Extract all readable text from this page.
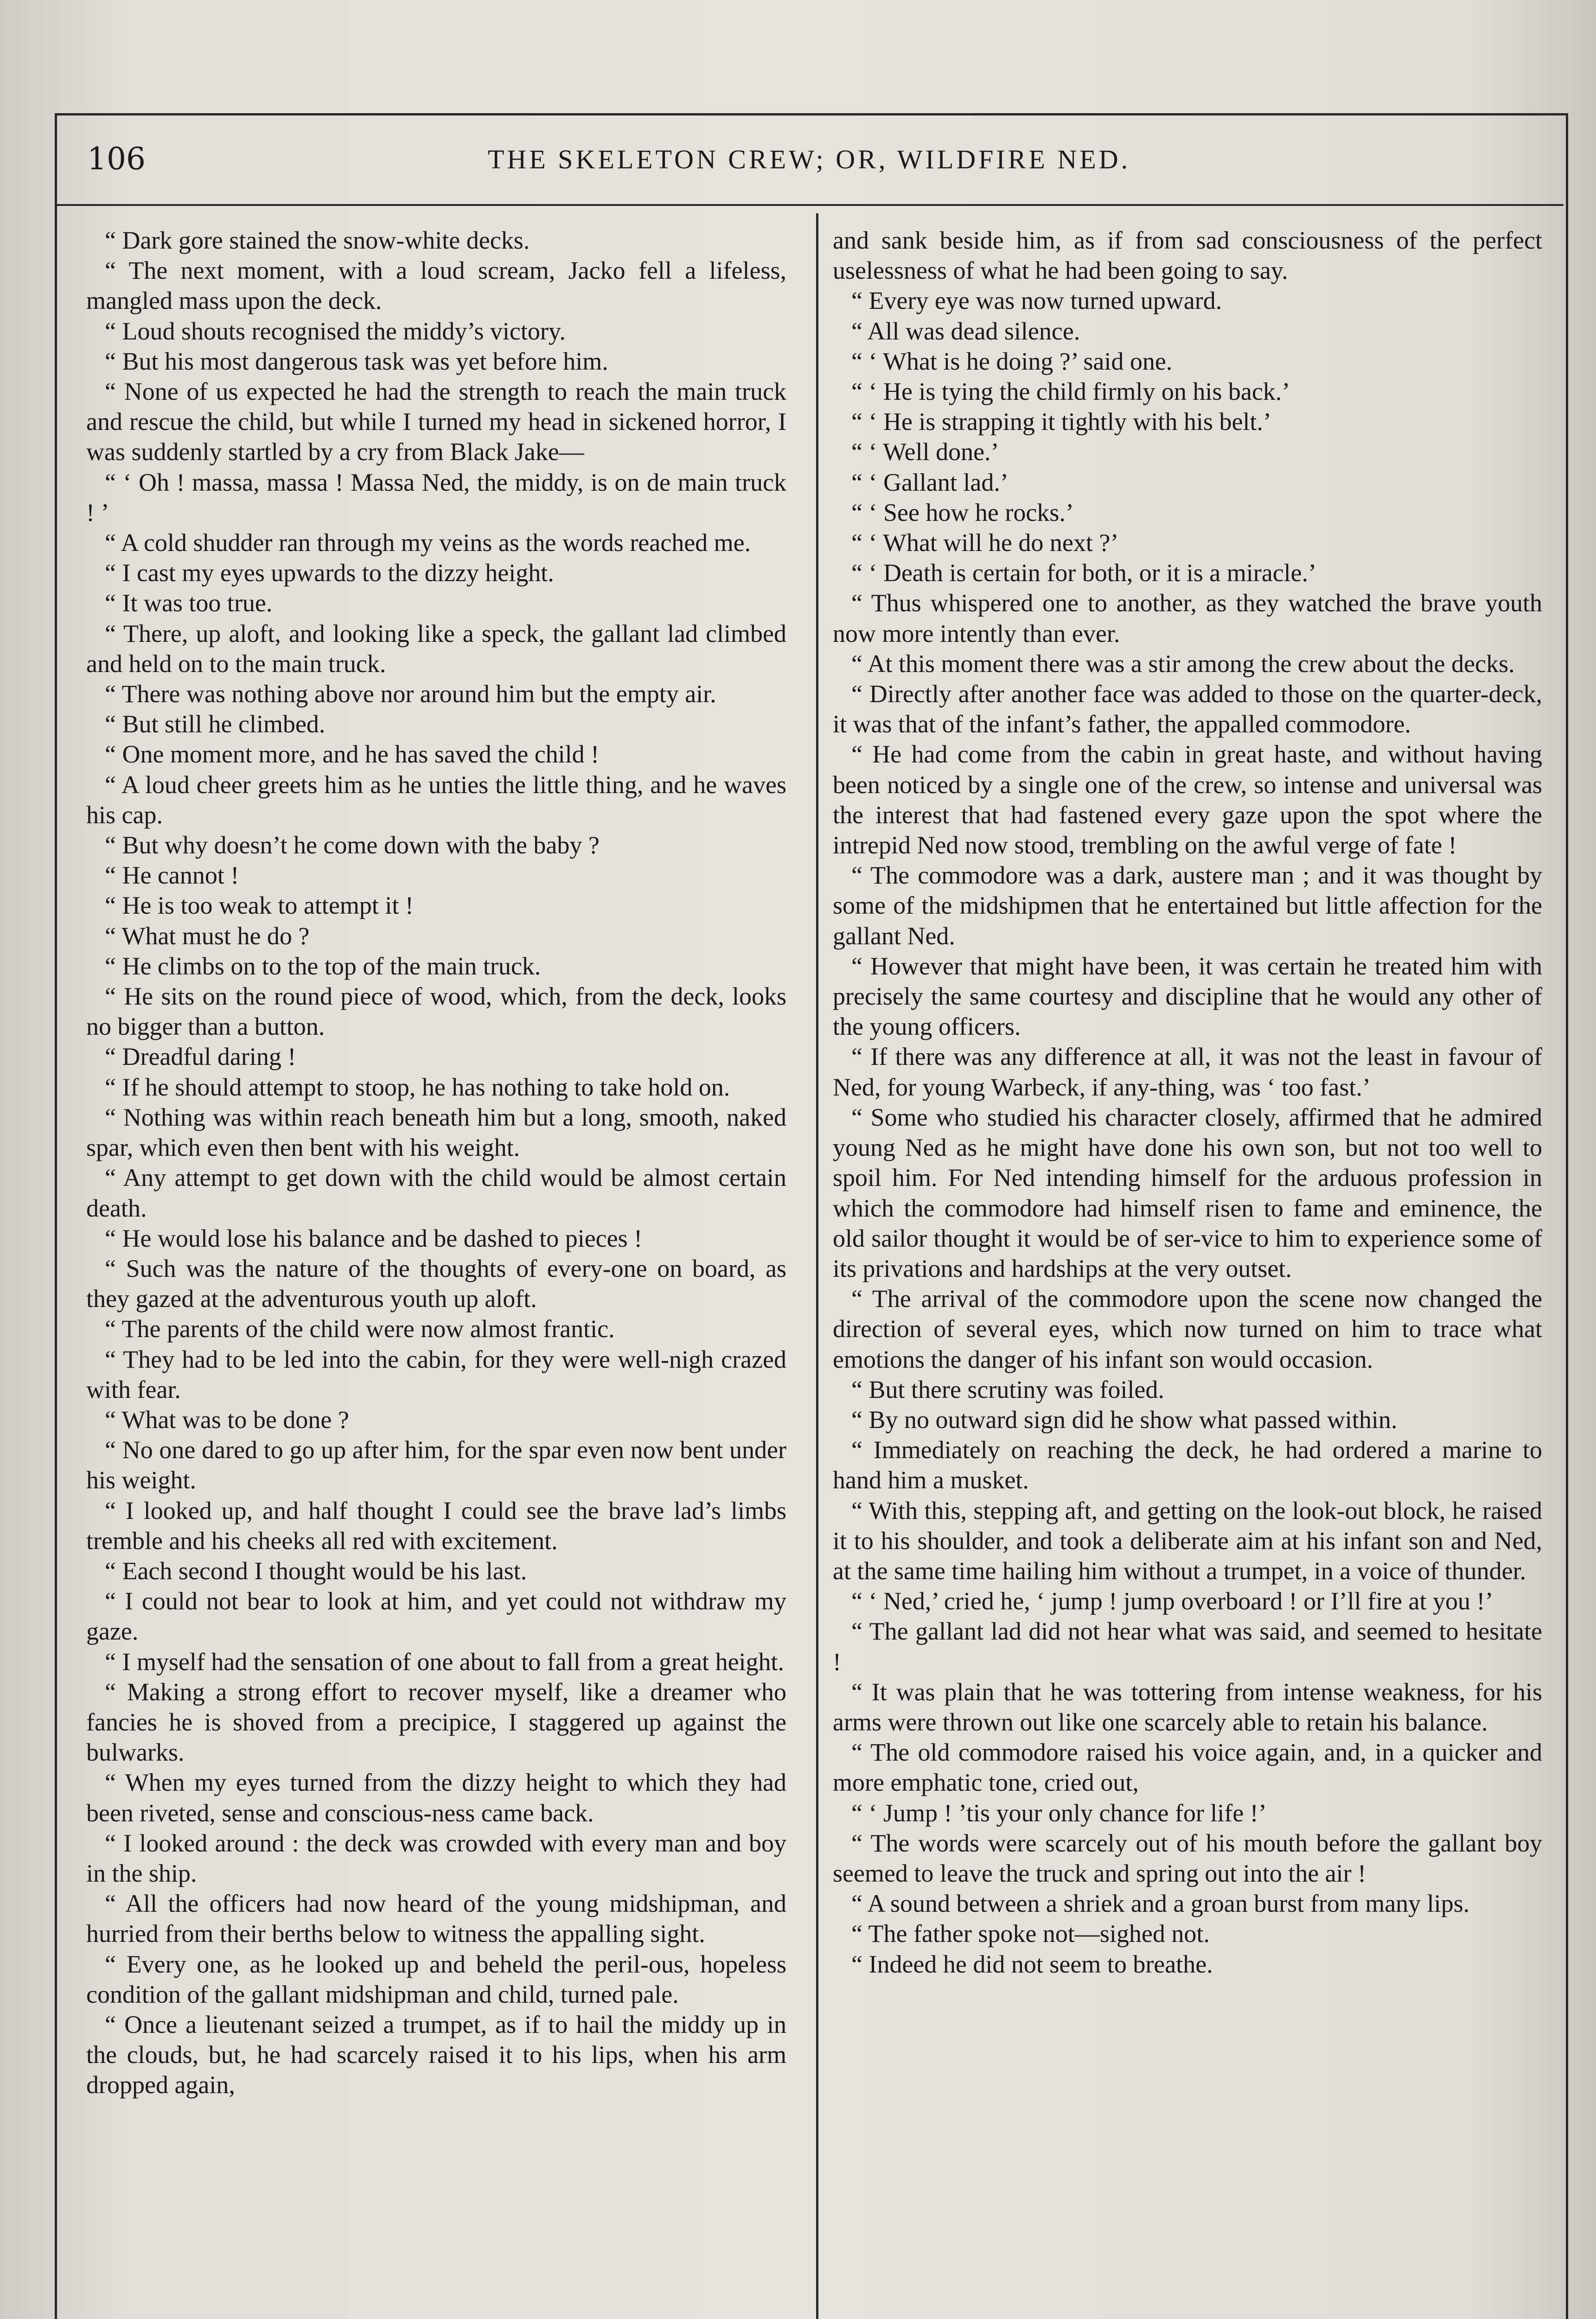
106	THE SKELETON CREW; OR, WILDFIRE NED.

“ Dark gore stained the snow-white decks.

“ The next moment, with a loud scream, Jacko fell a lifeless, mangled mass upon the deck.

“ Loud shouts recognised the middy’s victory.

“ But his most dangerous task was yet before him.

“ None of us expected he had the strength to reach the main truck and rescue the child, but while I turned my head in sickened horror, I was suddenly startled by a cry from Black Jake—

“ ‘ Oh ! massa, massa ! Massa Ned, the middy, is on de main truck ! ’

“ A cold shudder ran through my veins as the words reached me.

“ I cast my eyes upwards to the dizzy height.

“ It was too true.

“ There, up aloft, and looking like a speck, the gallant lad climbed and held on to the main truck.

“ There was nothing above nor around him but the empty air.

“ But still he climbed.

“ One moment more, and he has saved the child !

“ A loud cheer greets him as he unties the little thing, and he waves his cap.

“ But why doesn’t he come down with the baby ?

“ He cannot !

“ He is too weak to attempt it !

“ What must he do ?

“ He climbs on to the top of the main truck.

“ He sits on the round piece of wood, which, from the deck, looks no bigger than a button.

“ Dreadful daring !

“ If he should attempt to stoop, he has nothing to take hold on.

“ Nothing was within reach beneath him but a long, smooth, naked spar, which even then bent with his weight.

“ Any attempt to get down with the child would be almost certain death.

“ He would lose his balance and be dashed to pieces !

“ Such was the nature of the thoughts of every-one on board, as they gazed at the adventurous youth up aloft.

“ The parents of the child were now almost frantic.

“ They had to be led into the cabin, for they were well-nigh crazed with fear.

“ What was to be done ?

“ No one dared to go up after him, for the spar even now bent under his weight.

“ I looked up, and half thought I could see the brave lad’s limbs tremble and his cheeks all red with excitement.

“ Each second I thought would be his last.

“ I could not bear to look at him, and yet could not withdraw my gaze.

“ I myself had the sensation of one about to fall from a great height.

“ Making a strong effort to recover myself, like a dreamer who fancies he is shoved from a precipice, I staggered up against the bulwarks.

“ When my eyes turned from the dizzy height to which they had been riveted, sense and conscious-ness came back.

“ I looked around : the deck was crowded with every man and boy in the ship.

“ All the officers had now heard of the young midshipman, and hurried from their berths below to witness the appalling sight.

“ Every one, as he looked up and beheld the peril-ous, hopeless condition of the gallant midshipman and child, turned pale.

“ Once a lieutenant seized a trumpet, as if to hail the middy up in the clouds, but, he had scarcely raised it to his lips, when his arm dropped again,

and sank beside him, as if from sad consciousness of the perfect uselessness of what he had been going to say.

“ Every eye was now turned upward.

“ All was dead silence.

“ ‘ What is he doing ?’ said one.

“ ‘ He is tying the child firmly on his back.’

“ ‘ He is strapping it tightly with his belt.’

“ ‘ Well done.’

“ ‘ Gallant lad.’

“ ‘ See how he rocks.’

“ ‘ What will he do next ?’

“ ‘ Death is certain for both, or it is a miracle.’

“ Thus whispered one to another, as they watched the brave youth now more intently than ever.

“ At this moment there was a stir among the crew about the decks.

“ Directly after another face was added to those on the quarter-deck, it was that of the infant’s father, the appalled commodore.

“ He had come from the cabin in great haste, and without having been noticed by a single one of the crew, so intense and universal was the interest that had fastened every gaze upon the spot where the intrepid Ned now stood, trembling on the awful verge of fate !

“ The commodore was a dark, austere man ; and it was thought by some of the midshipmen that he entertained but little affection for the gallant Ned.

“ However that might have been, it was certain he treated him with precisely the same courtesy and discipline that he would any other of the young officers.

“ If there was any difference at all, it was not the least in favour of Ned, for young Warbeck, if any-thing, was ‘ too fast.’

“ Some who studied his character closely, affirmed that he admired young Ned as he might have done his own son, but not too well to spoil him. For Ned intending himself for the arduous profession in which the commodore had himself risen to fame and eminence, the old sailor thought it would be of ser-vice to him to experience some of its privations and hardships at the very outset.

“ The arrival of the commodore upon the scene now changed the direction of several eyes, which now turned on him to trace what emotions the danger of his infant son would occasion.

“ But there scrutiny was foiled.

“ By no outward sign did he show what passed within.

“ Immediately on reaching the deck, he had ordered a marine to hand him a musket.

“ With this, stepping aft, and getting on the look-out block, he raised it to his shoulder, and took a deliberate aim at his infant son and Ned, at the same time hailing him without a trumpet, in a voice of thunder.

“ ‘ Ned,’ cried he, ‘ jump ! jump overboard ! or I’ll fire at you !’

“ The gallant lad did not hear what was said, and seemed to hesitate !

“ It was plain that he was tottering from intense weakness, for his arms were thrown out like one scarcely able to retain his balance.

“ The old commodore raised his voice again, and, in a quicker and more emphatic tone, cried out,

“ ‘ Jump ! ’tis your only chance for life !’

“ The words were scarcely out of his mouth before the gallant boy seemed to leave the truck and spring out into the air !

“ A sound between a shriek and a groan burst from many lips.

“ The father spoke not—sighed not.

“ Indeed he did not seem to breathe.
